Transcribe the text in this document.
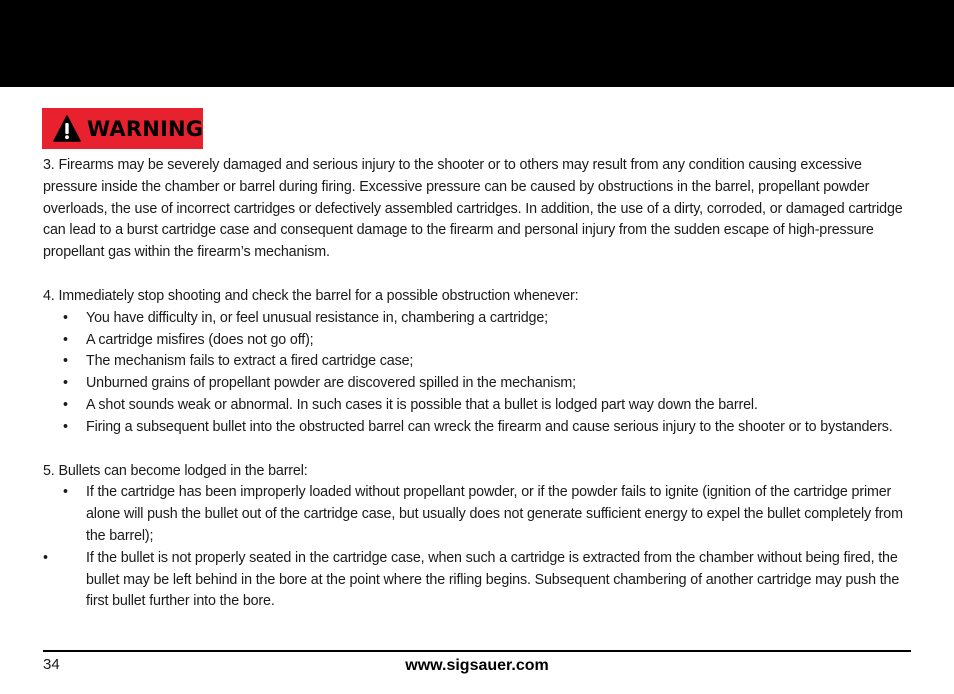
WARNING

3. Firearms may be severely damaged and serious injury to the shooter or to others may result from any condition causing excessive pressure inside the chamber or barrel during firing. Excessive pressure can be caused by obstructions in the barrel, propellant powder overloads, the use of incorrect cartridges or defectively assembled cartridges. In addition, the use of a dirty, corroded, or damaged cartridge can lead to a burst cartridge case and consequent damage to the firearm and personal injury from the sudden escape of high-pressure propellant gas within the firearm’s mechanism.

4. Immediately stop shooting and check the barrel for a possible obstruction whenever:

• You have difficulty in, or feel unusual resistance in, chambering a cartridge;
• A cartridge misfires (does not go off);
• The mechanism fails to extract a fired cartridge case;
• Unburned grains of propellant powder are discovered spilled in the mechanism;
• A shot sounds weak or abnormal. In such cases it is possible that a bullet is lodged part way down the barrel.
• Firing a subsequent bullet into the obstructed barrel can wreck the firearm and cause serious injury to the shooter or to bystanders.

5. Bullets can become lodged in the barrel:

• If the cartridge has been improperly loaded without propellant powder, or if the powder fails to ignite (ignition of the cartridge primer alone will push the bullet out of the cartridge case, but usually does not generate sufficient energy to expel the bullet completely from the barrel);
•	If the bullet is not properly seated in the cartridge case, when such a cartridge is extracted from the chamber without being fired, the bullet may be left behind in the bore at the point where the rifling begins. Subsequent chambering of another cartridge may push the first bullet further into the bore.
34	www.sigsauer.com
